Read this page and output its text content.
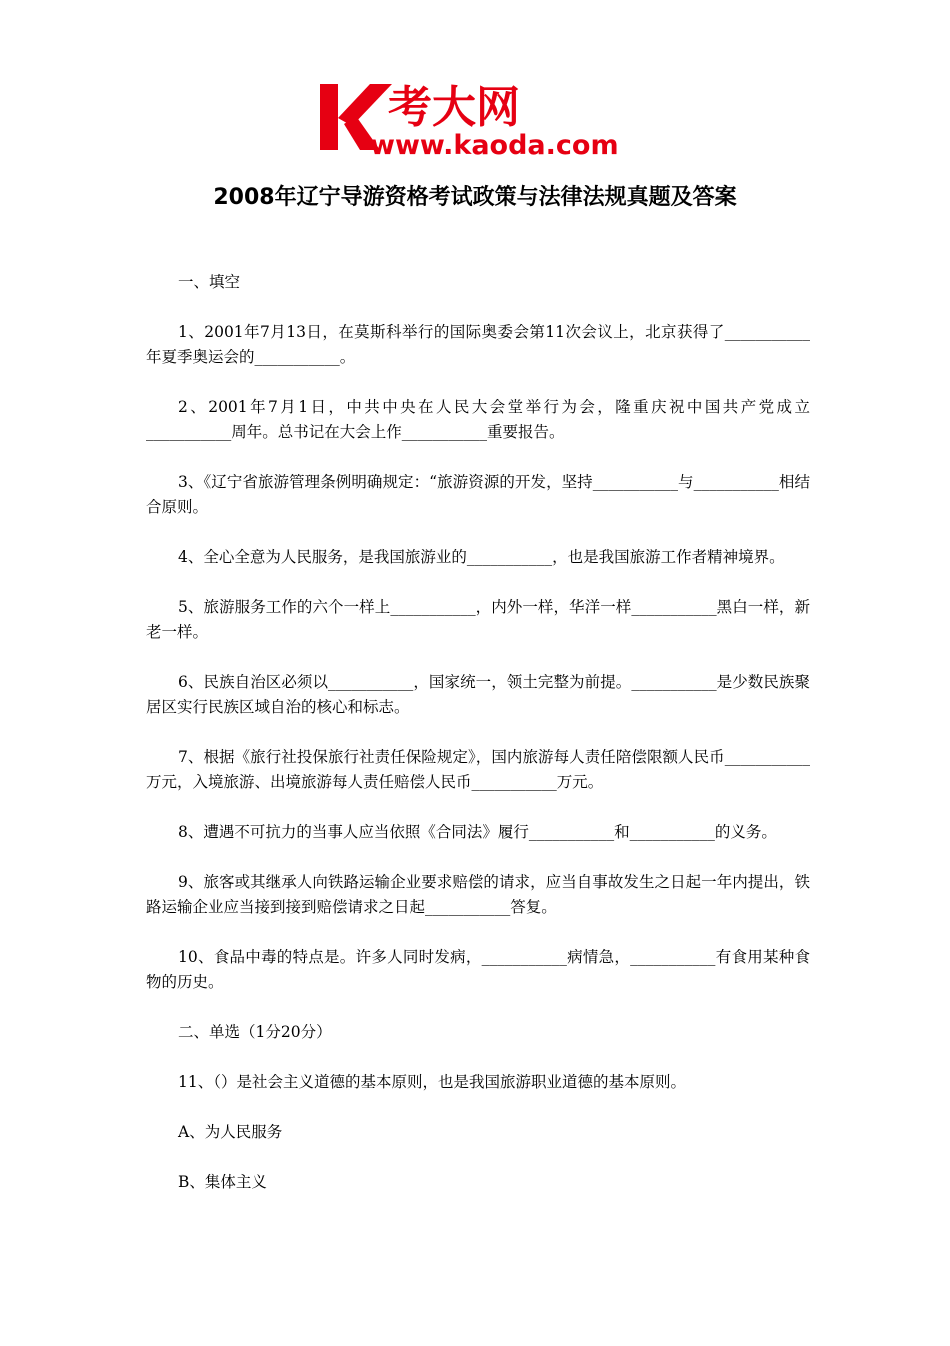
考大网
www.kaoda.com
2008年辽宁导游资格考试政策与法律法规真题及答案

一、填空

1、2001年7月13日，在莫斯科举行的国际奥委会第11次会议上，北京获得了___________年夏季奥运会的___________。

2、2001年7月1日，中共中央在人民大会堂举行为会，隆重庆祝中国共产党成立___________周年。总书记在大会上作___________重要报告。

3、《辽宁省旅游管理条例明确规定：“旅游资源的开发，坚持___________与___________相结合原则。

4、全心全意为人民服务，是我国旅游业的___________，也是我国旅游工作者精神境界。

5、旅游服务工作的六个一样上___________，内外一样，华洋一样___________黑白一样，新老一样。

6、民族自治区必须以___________，国家统一，领土完整为前提。___________是少数民族聚居区实行民族区域自治的核心和标志。

7、根据《旅行社投保旅行社责任保险规定》，国内旅游每人责任陪偿限额人民币___________万元，入境旅游、出境旅游每人责任赔偿人民币___________万元。

8、遭遇不可抗力的当事人应当依照《合同法》履行___________和___________的义务。

9、旅客或其继承人向铁路运输企业要求赔偿的请求，应当自事故发生之日起一年内提出，铁路运输企业应当接到接到赔偿请求之日起___________答复。

10、食品中毒的特点是。许多人同时发病，___________病情急，___________有食用某种食物的历史。

二、单选（1分20分）

11、（）是社会主义道德的基本原则，也是我国旅游职业道德的基本原则。

A、为人民服务

B、集体主义
